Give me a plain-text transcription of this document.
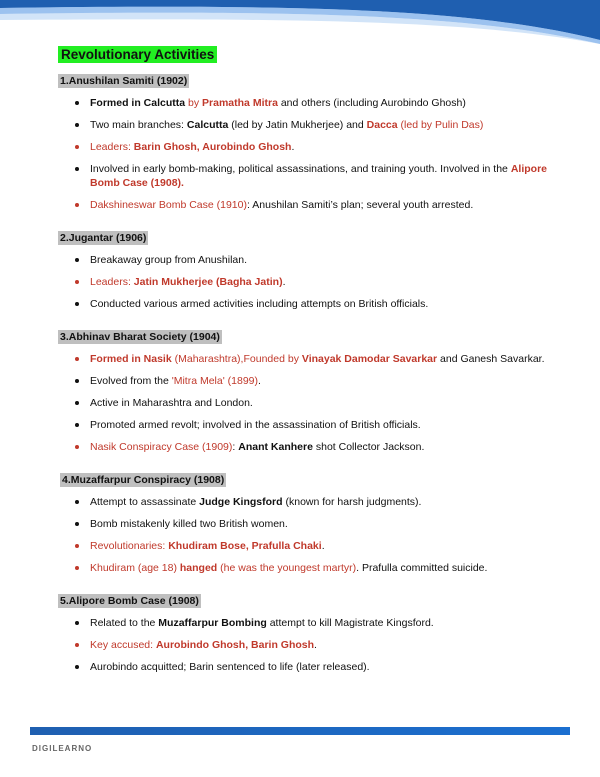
Revolutionary Activities
1.Anushilan Samiti (1902)
Formed in Calcutta by Pramatha Mitra and others (including Aurobindo Ghosh)
Two main branches: Calcutta (led by Jatin Mukherjee) and Dacca (led by Pulin Das)
Leaders: Barin Ghosh, Aurobindo Ghosh.
Involved in early bomb-making, political assassinations, and training youth. Involved in the Alipore Bomb Case (1908).
Dakshineswar Bomb Case (1910): Anushilan Samiti’s plan; several youth arrested.
2.Jugantar (1906)
Breakaway group from Anushilan.
Leaders: Jatin Mukherjee (Bagha Jatin).
Conducted various armed activities including attempts on British officials.
3.Abhinav Bharat Society (1904)
Formed in Nasik (Maharashtra),Founded by Vinayak Damodar Savarkar and Ganesh Savarkar.
Evolved from the 'Mitra Mela' (1899).
Active in Maharashtra and London.
Promoted armed revolt; involved in the assassination of British officials.
Nasik Conspiracy Case (1909): Anant Kanhere shot Collector Jackson.
4.Muzaffarpur Conspiracy (1908)
Attempt to assassinate Judge Kingsford (known for harsh judgments).
Bomb mistakenly killed two British women.
Revolutionaries: Khudiram Bose, Prafulla Chaki.
Khudiram (age 18) hanged (he was the youngest martyr). Prafulla committed suicide.
5.Alipore Bomb Case (1908)
Related to the Muzaffarpur Bombing attempt to kill Magistrate Kingsford.
Key accused: Aurobindo Ghosh, Barin Ghosh.
Aurobindo acquitted; Barin sentenced to life (later released).
DIGILEARNO
